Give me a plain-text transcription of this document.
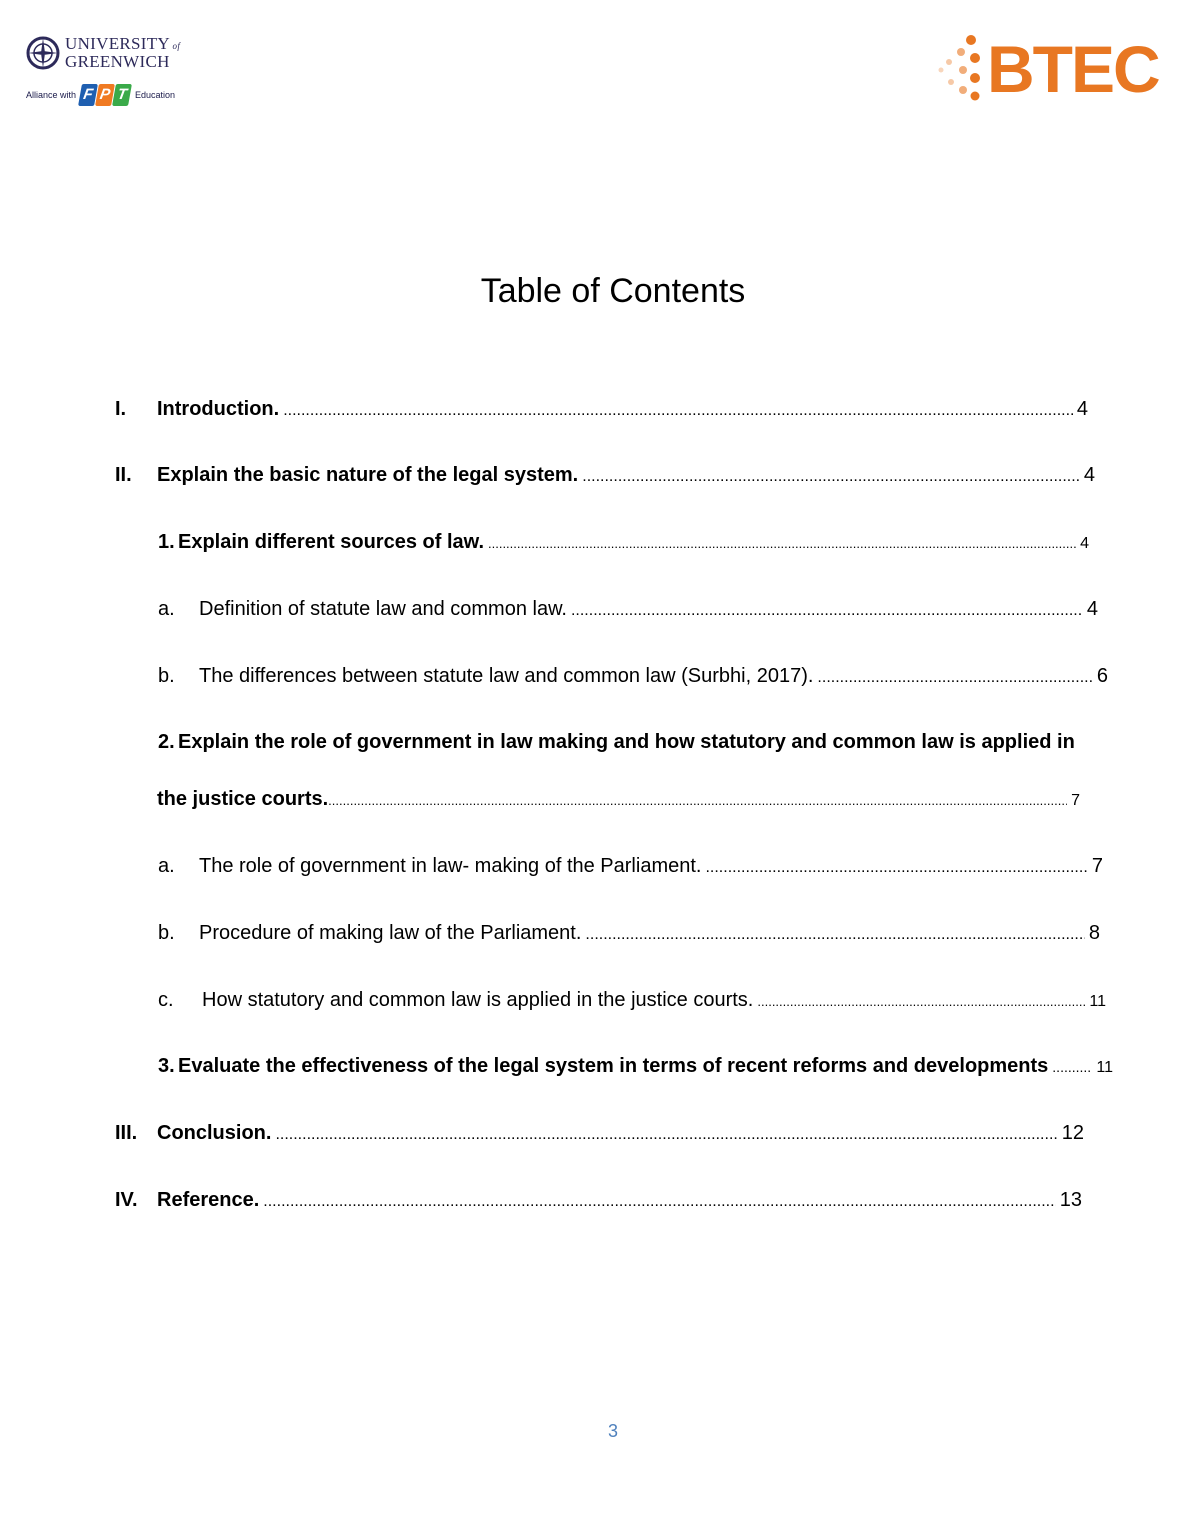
UNIVERSITY of
GREENWICH
Alliance with F P T Education	BTEC
Table of Contents
I. Introduction. .....	4
II. Explain the basic nature of the legal system. .....	4
1. Explain different sources of law. .....	4
a. Definition of statute law and common law. .....	4
b. The differences between statute law and common law (Surbhi, 2017). .....	6
2. Explain the role of government in law making and how statutory and common law is applied in
the justice courts. .....	7
a. The role of government in law- making of the Parliament. .....	7
b. Procedure of making law of the Parliament. .....	8
c. How statutory and common law is applied in the justice courts. .....	11
3. Evaluate the effectiveness of the legal system in terms of recent reforms and developments .....	11
III. Conclusion. .....	12
IV. Reference. .....	13
3
